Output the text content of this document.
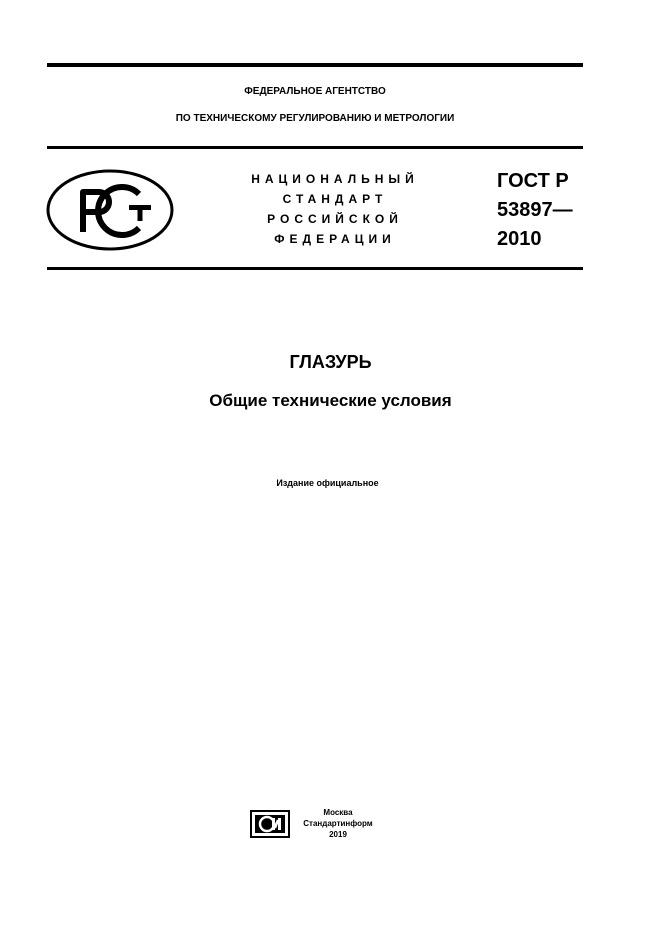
ФЕДЕРАЛЬНОЕ АГЕНТСТВО
ПО ТЕХНИЧЕСКОМУ РЕГУЛИРОВАНИЮ И МЕТРОЛОГИИ
НАЦИОНАЛЬНЫЙ
СТАНДАРТ
РОССИЙСКОЙ
ФЕДЕРАЦИИ
ГОСТ Р
53897—
2010
ГЛАЗУРЬ
Общие технические условия
Издание официальное
Москва
Стандартинформ
2019
